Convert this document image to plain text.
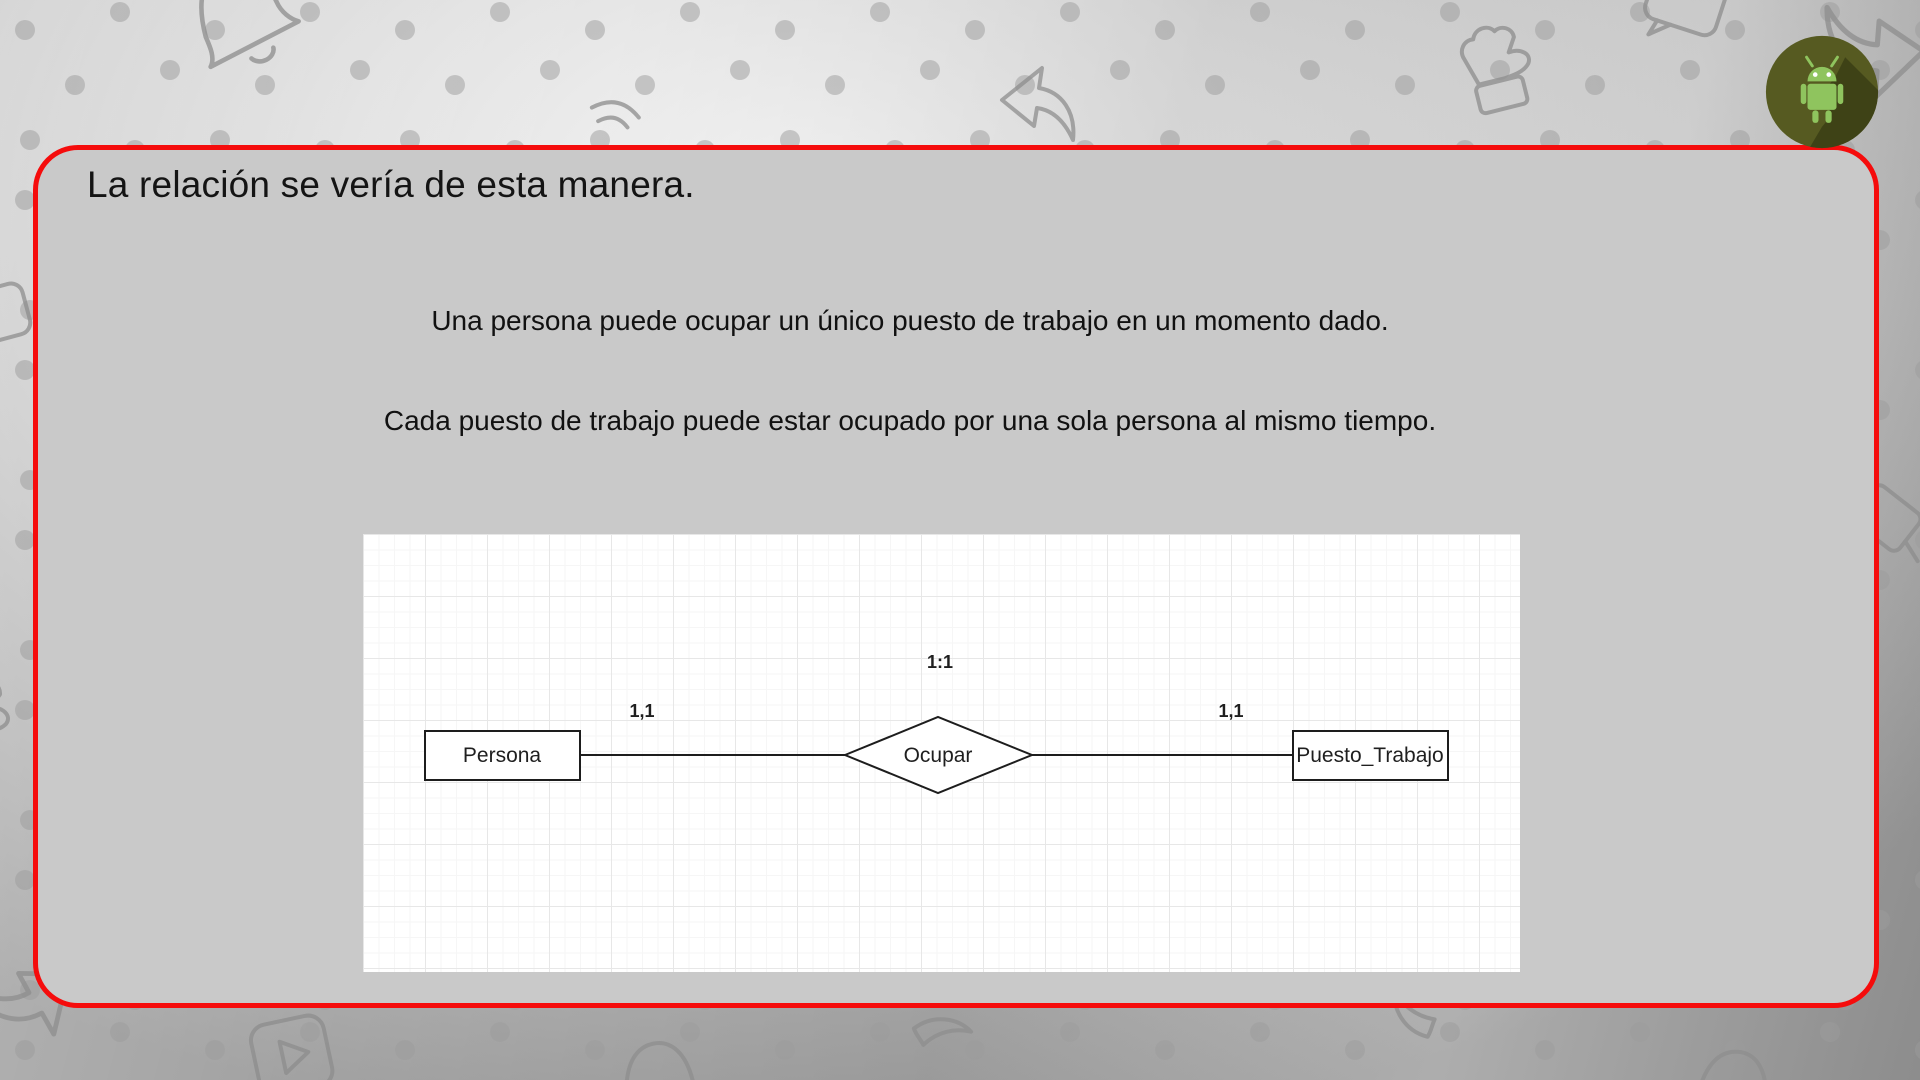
La relación se vería de esta manera.

Una persona puede ocupar un único puesto de trabajo en un momento dado.

Cada puesto de trabajo puede estar ocupado por una sola persona al mismo tiempo.

Persona	Ocupar	Puesto_Trabajo
1,1
1:1
1,1
